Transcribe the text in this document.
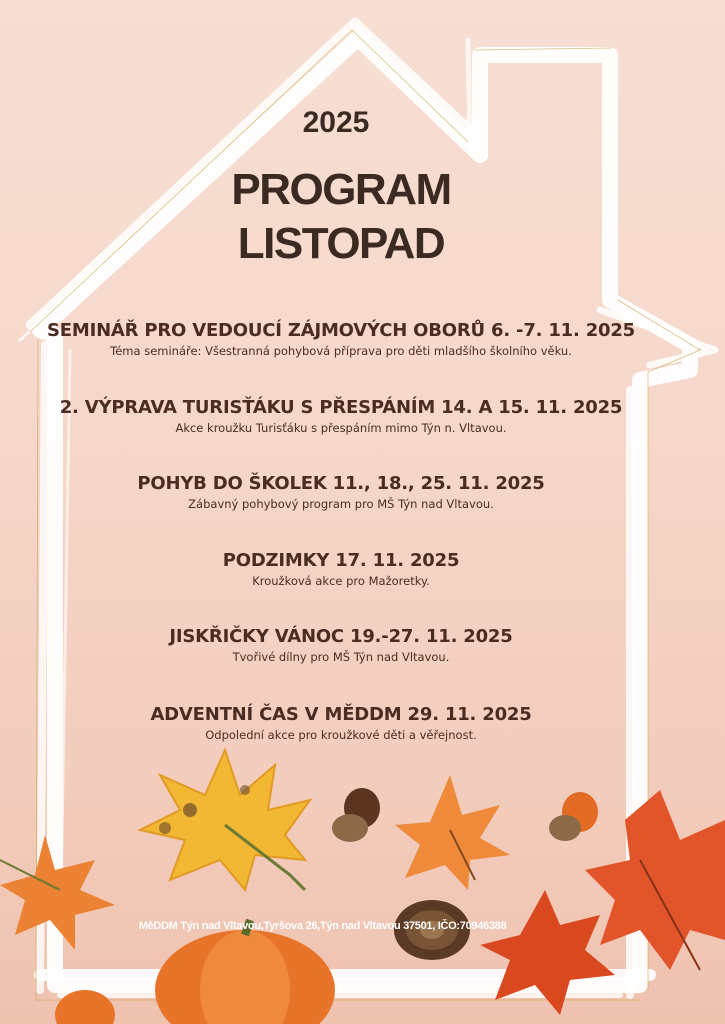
2025
PROGRAM
LISTOPAD
SEMINÁŘ PRO VEDOUCÍ ZÁJMOVÝCH OBORŮ 6. -7. 11. 2025
Téma semináře: Všestranná pohybová příprava pro děti mladšího školního věku.
2. VÝPRAVA TURISŤÁKU S PŘESPÁNÍM 14. A 15. 11. 2025
Akce kroužku Turisťáku s přespáním mimo Týn n. Vltavou.
POHYB DO ŠKOLEK 11., 18., 25. 11. 2025
Zábavný pohybový program pro MŠ Týn nad Vltavou.
PODZIMKY 17. 11. 2025
Kroužková akce pro Mažoretky.
JISKŘIČKY VÁNOC 19.-27. 11. 2025
Tvořivé dílny pro MŠ Týn nad Vltavou.
ADVENTNÍ ČAS V MĚDDM 29. 11. 2025
Odpolední akce pro kroužkové děti a věřejnost.
MěDDM Týn nad Vltavou,Tyršova 26,Týn nad Vltavou 37501, IČO:70946388
